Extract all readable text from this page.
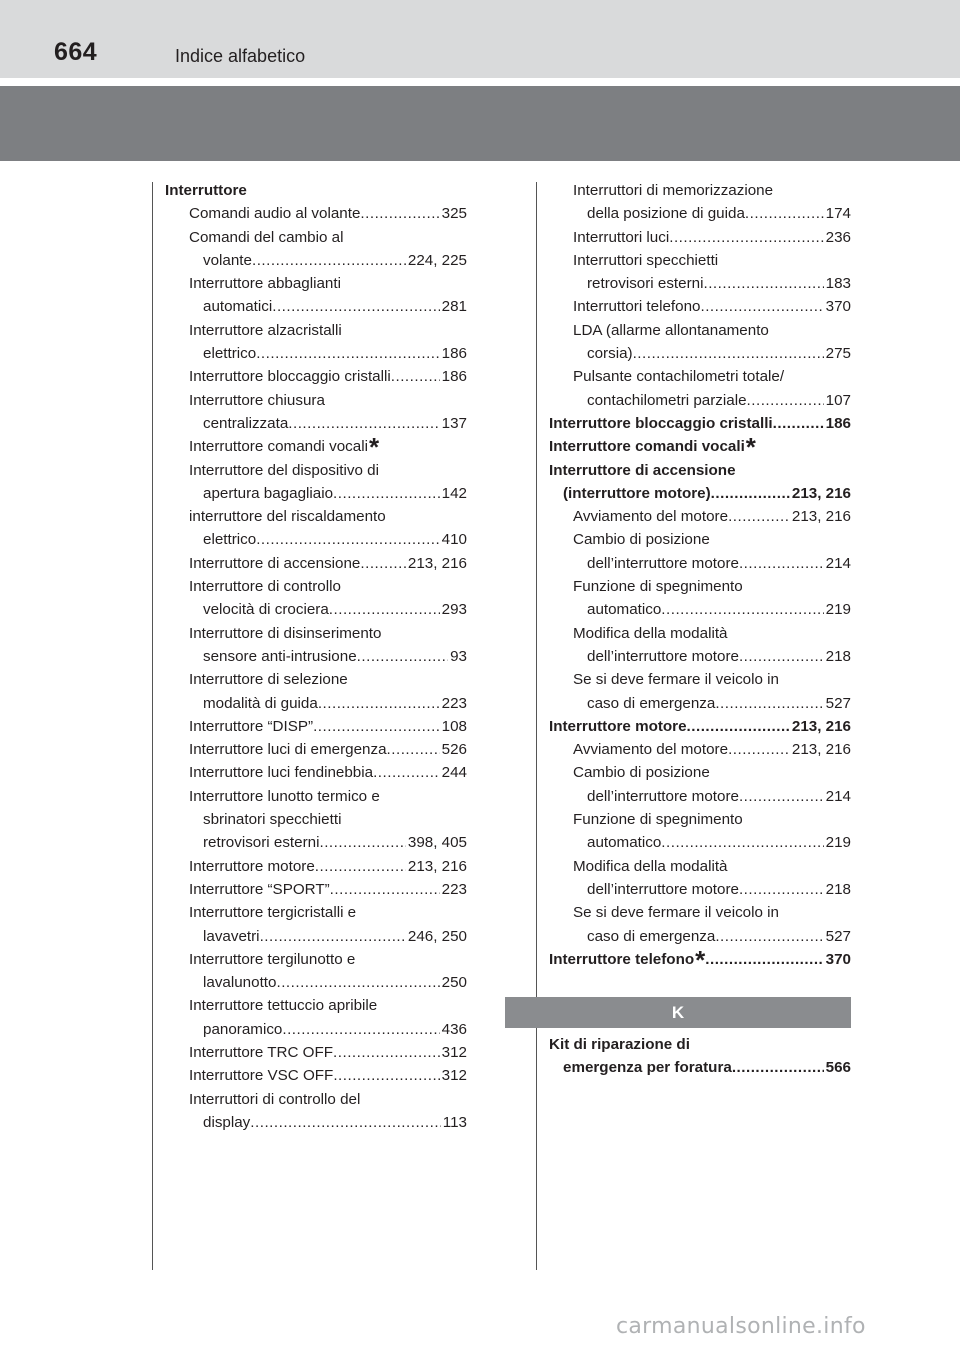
664	Indice alfabetico
Interruttore
Comandi audio al volante .....	325
Comandi del cambio al
volante .....	224, 225
Interruttore abbaglianti
automatici .....	281
Interruttore alzacristalli
elettrico .....	186
Interruttore bloccaggio cristalli .....	186
Interruttore chiusura
centralizzata .....	137
Interruttore comandi vocali*
Interruttore del dispositivo di
apertura bagagliaio .....	142
interruttore del riscaldamento
elettrico .....	410
Interruttore di accensione .....	213, 216
Interruttore di controllo
velocità di crociera .....	293
Interruttore di disinserimento
sensore anti-intrusione .....	93
Interruttore di selezione
modalità di guida .....	223
Interruttore “DISP” .....	108
Interruttore luci di emergenza .....	526
Interruttore luci fendinebbia .....	244
Interruttore lunotto termico e
sbrinatori specchietti
retrovisori esterni .....	398, 405
Interruttore motore .....	213, 216
Interruttore “SPORT” .....	223
Interruttore tergicristalli e
lavavetri .....	246, 250
Interruttore tergilunotto e
lavalunotto .....	250
Interruttore tettuccio apribile
panoramico .....	436
Interruttore TRC OFF .....	312
Interruttore VSC OFF .....	312
Interruttori di controllo del
display .....	113
Interruttori di memorizzazione
della posizione di guida .....	174
Interruttori luci .....	236
Interruttori specchietti
retrovisori esterni .....	183
Interruttori telefono .....	370
LDA (allarme allontanamento
corsia) .....	275
Pulsante contachilometri totale/
contachilometri parziale .....	107
Interruttore bloccaggio cristalli .....	186
Interruttore comandi vocali*
Interruttore di accensione
(interruttore motore) .....	213, 216
Avviamento del motore .....	213, 216
Cambio di posizione
dell’interruttore motore .....	214
Funzione di spegnimento
automatico .....	219
Modifica della modalità
dell’interruttore motore .....	218
Se si deve fermare il veicolo in
caso di emergenza .....	527
Interruttore motore .....	213, 216
Avviamento del motore .....	213, 216
Cambio di posizione
dell’interruttore motore .....	214
Funzione di spegnimento
automatico .....	219
Modifica della modalità
dell’interruttore motore .....	218
Se si deve fermare il veicolo in
caso di emergenza .....	527
Interruttore telefono * .....	370
K
Kit di riparazione di
emergenza per foratura .....	566
carmanualsonline.info
